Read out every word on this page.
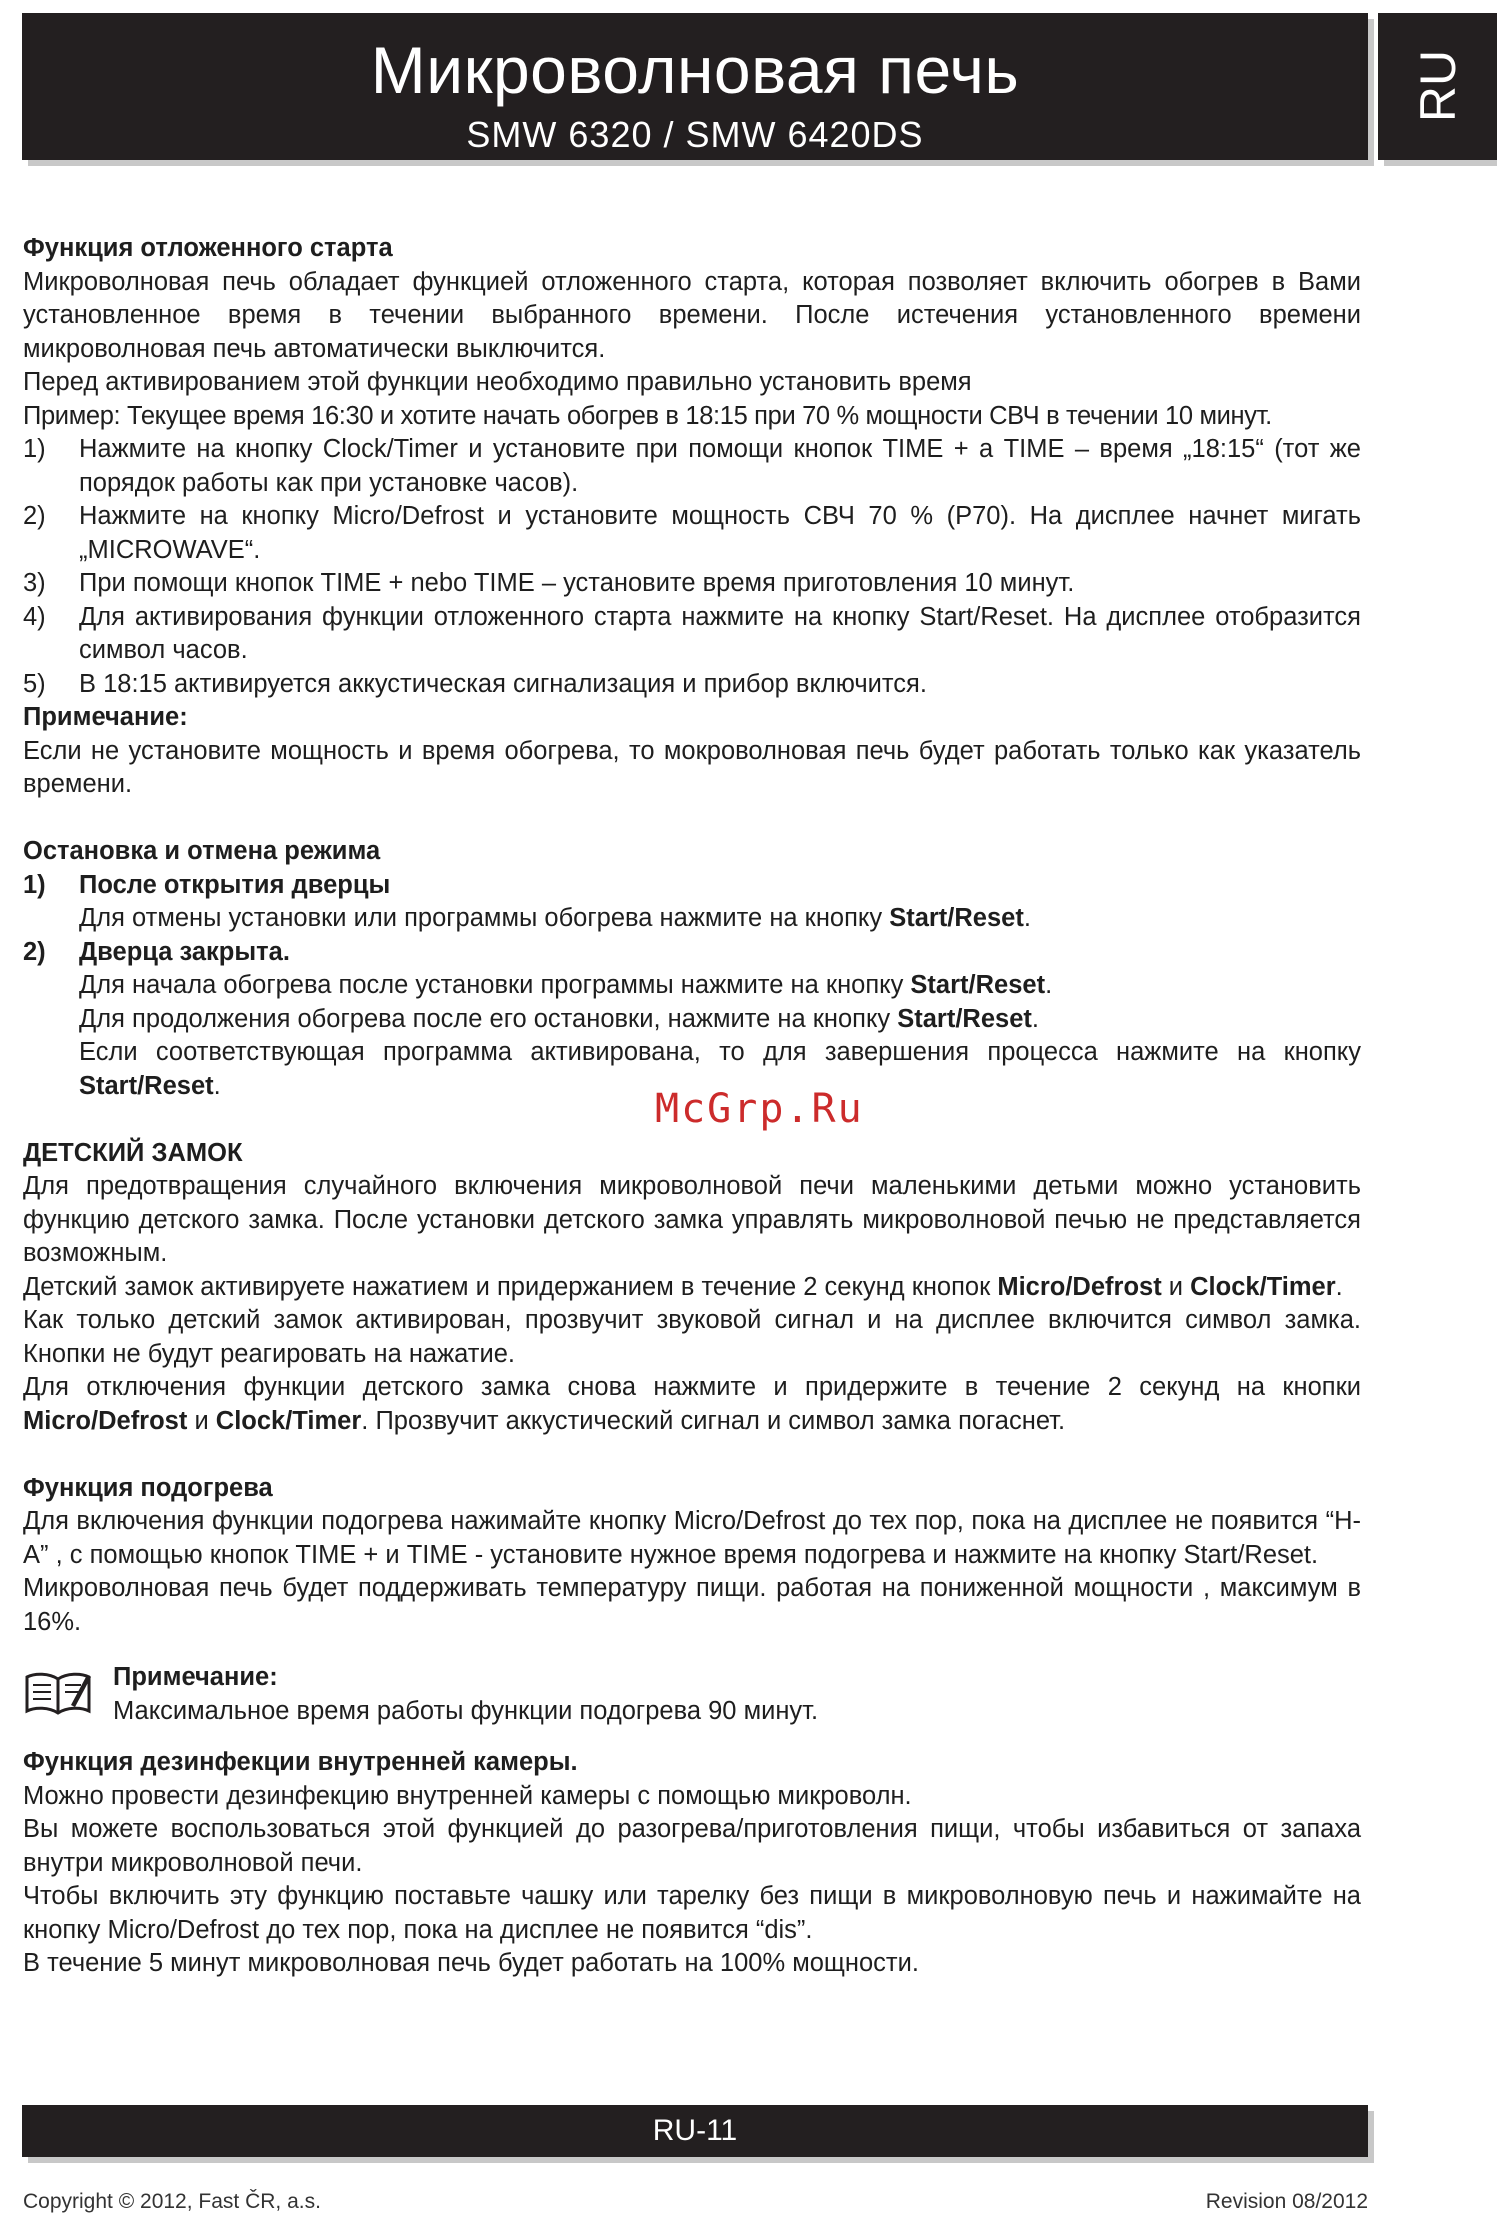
Микроволновая печь
SMW 6320 / SMW 6420DS
RU

Функция отложенного старта

Микроволновая печь обладает функцией отложенного старта, которая позволяет включить обогрев в Вами установленное время в течении выбранного времени. После истечения установленного времени микроволновая печь автоматически выключится.

Перед активированием этой функции необходимо правильно установить время

Пример: Текущее время 16:30 и хотите начать обогрев в 18:15 при 70 % мощности СВЧ в течении 10 минут.

1)	Нажмите на кнопку Clock/Timer и установите при помощи кнопок TIME + а TIME – время „18:15“ (тот же порядок работы как при установке часов).
2)	Нажмите на кнопку Micro/Defrost и установите мощность СВЧ 70 % (P70). На дисплее начнет мигать „MICROWAVE“.
3)	При помощи кнопок TIME + nebo TIME – установите время приготовления 10 минут.
4)	Для активирования функции отложенного старта нажмите на кнопку Start/Reset. На дисплее отобразится символ часов.
5)	В 18:15 активируется аккустическая сигнализация и прибор включится.

Примечание:

Если не установите мощность и время обогрева, то мокроволновая печь будет работать только как указатель времени.

Остановка и отмена режима

1)	После открытия дверцы

Для отмены установки или программы обогрева нажмите на кнопку Start/Reset.

2)	Дверца закрыта.

Для начала обогрева после установки программы нажмите на кнопку Start/Reset.

Для продолжения обогрева после его остановки, нажмите на кнопку Start/Reset.

Если соответствующая программа активирована, то для завершения процесса нажмите на кнопку Start/Reset.

ДЕТСКИЙ ЗАМОК

Для предотвращения случайного включения микроволновой печи маленькими детьми можно установить функцию детского замка. После установки детского замка управлять микроволновой печью не представляется возможным.

Детский замок активируете нажатием и придержанием в течение 2 секунд кнопок Micro/Defrost и Clock/Timer.

Как только детский замок активирован, прозвучит звуковой сигнал и на дисплее включится символ замка. Кнопки не будут реагировать на нажатие.

Для отключения функции детского замка снова нажмите и придержите в течение 2 секунд на кнопки Micro/Defrost и Clock/Timer. Прозвучит аккустический сигнал и символ замка погаснет.

Функция подогрева

Для включения функции подогрева нажимайте кнопку Micro/Defrost до тех пор, пока на дисплее не появится “H-A” , с помощью кнопок TIME + и TIME - установите нужное время подогрева и нажмите на кнопку Start/Reset.

Микроволновая печь будет поддерживать температуру пищи. работая на пониженной мощности , максимум в 16%.

Примечание:

Максимальное время работы функции подогрева 90 минут.

Функция дезинфекции внутренней камеры.

Можно провести дезинфекцию внутренней камеры с помощью микроволн.

Вы можете воспользоваться этой функцией до разогрева/приготовления пищи, чтобы избавиться от запаха внутри микроволновой печи.

Чтобы включить эту функцию поставьте чашку или тарелку без пищи в микроволновую печь и нажимайте на кнопку Micro/Defrost до тех пор, пока на дисплее не появится “dis”.

В течение 5 минут микроволновая печь будет работать на 100% мощности.

McGrp.Ru
RU-11
Copyright © 2012, Fast ČR, a.s.	Revision 08/2012
